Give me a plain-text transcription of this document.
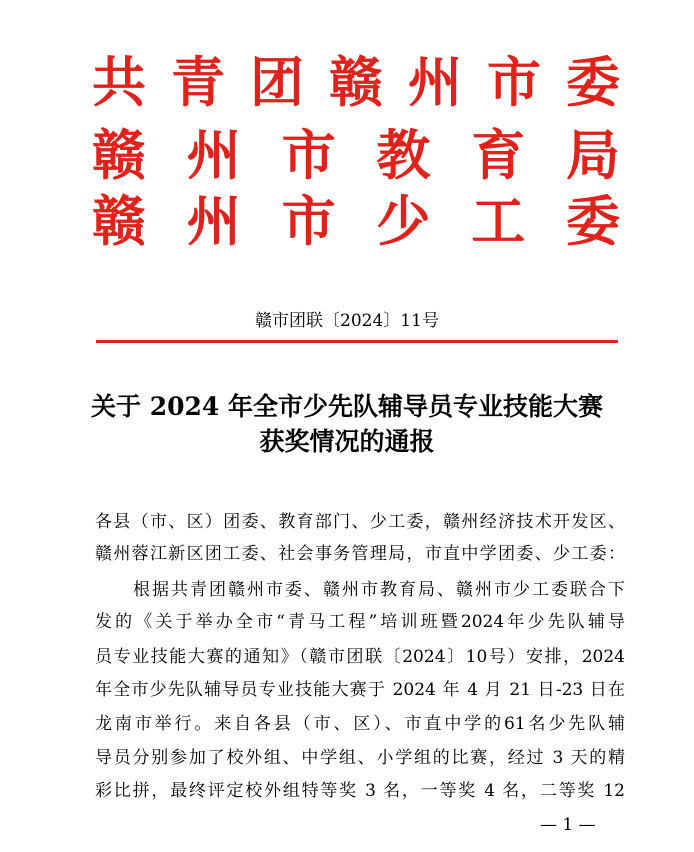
共 青 团 赣 州 市 委
赣 州 市 教 育 局
赣 州 市 少 工 委
赣市团联〔2024〕11号
关于 2024 年全市少先队辅导员专业技能大赛
获奖情况的通报
各县（市、区）团委、教育部门、少工委，赣州经济技术开发区、
赣州蓉江新区团工委、社会事务管理局，市直中学团委、少工委：
　　根据共青团赣州市委、赣州市教育局、赣州市少工委联合下
发的《关于举办全市“青马工程”培训班暨2024年少先队辅导
员专业技能大赛的通知》（赣市团联〔2024〕10号）安排，2024
年全市少先队辅导员专业技能大赛于 2024 年 4 月 21 日-23 日在
龙南市举行。来自各县（市、区）、市直中学的61名少先队辅
导员分别参加了校外组、中学组、小学组的比赛，经过 3 天的精
彩比拼，最终评定校外组特等奖 3 名，一等奖 4 名，二等奖 12
— 1 —
